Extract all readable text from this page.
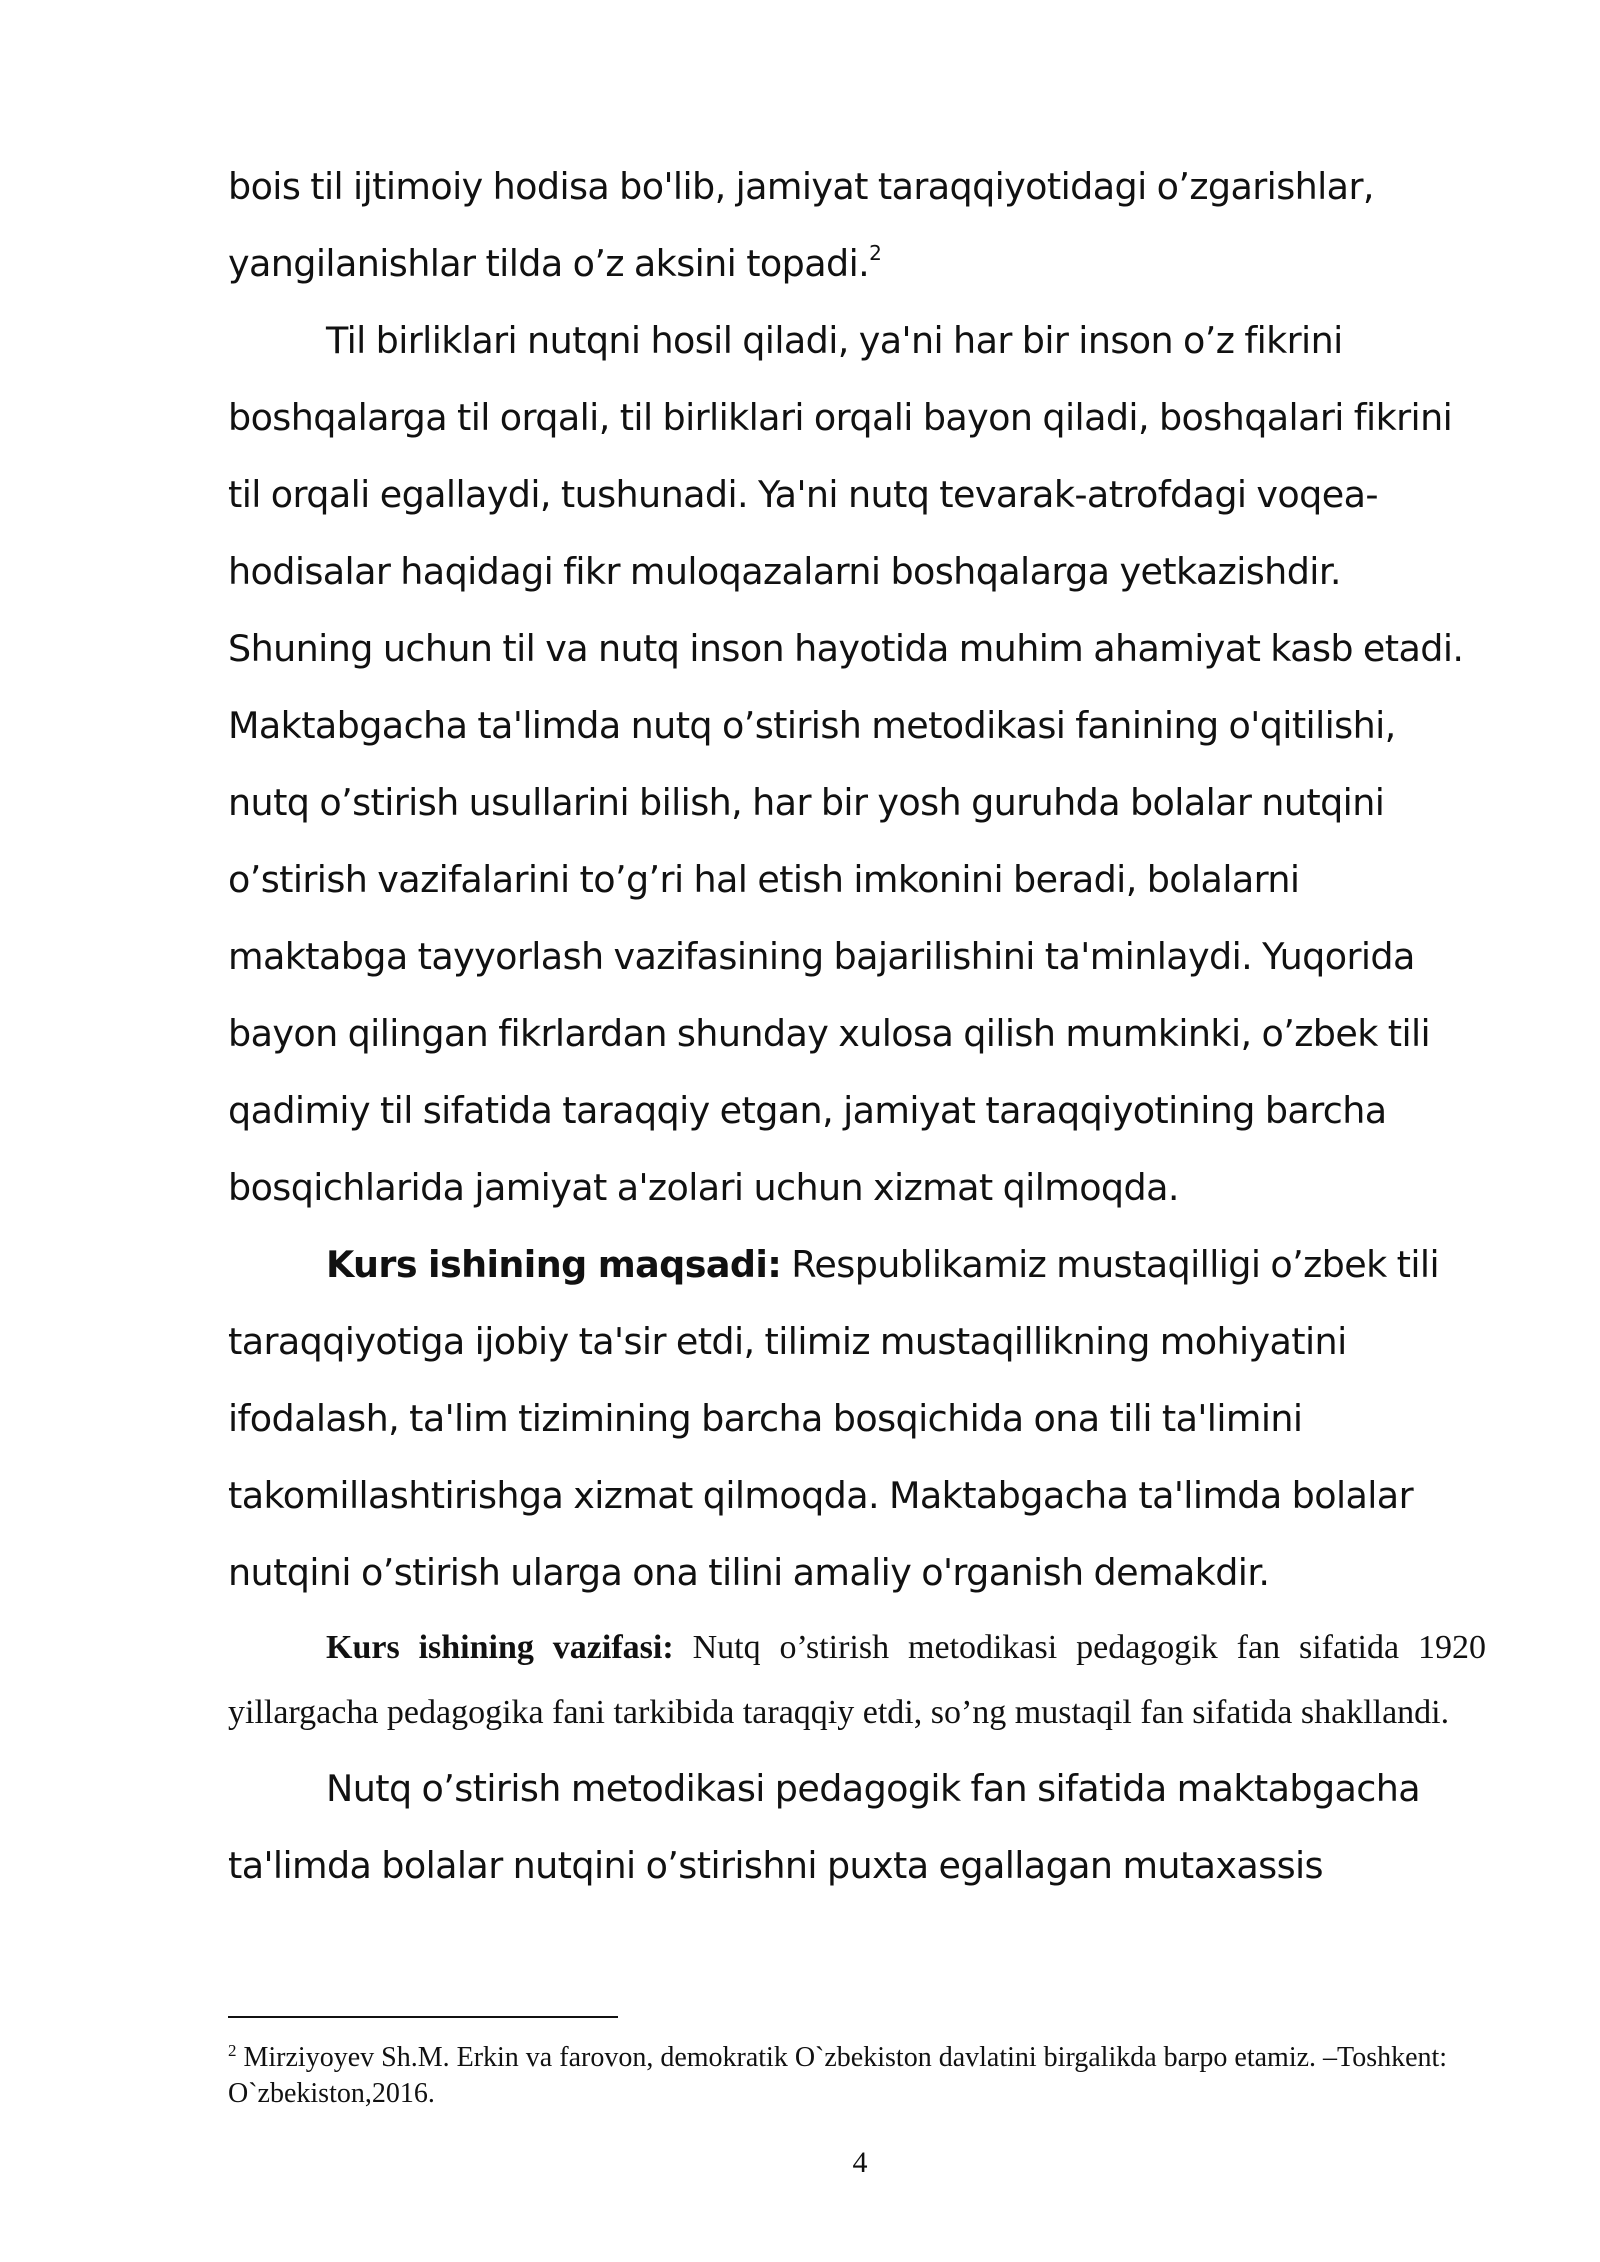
bois til ijtimoiy hodisa bo'lib, jamiyat taraqqiyotidagi o’zgarishlar, yangilanishlar tilda o’z aksini topadi.$^2$

Til birliklari nutqni hosil qiladi, ya'ni har bir inson o’z fikrini boshqalarga til orqali, til birliklari orqali bayon qiladi, boshqalari fikrini til orqali egallaydi, tushunadi. Ya'ni nutq tevarak-atrofdagi voqea-hodisalar haqidagi fikr muloqazalarni boshqalarga yetkazishdir. Shuning uchun til va nutq inson hayotida muhim ahamiyat kasb etadi. Maktabgacha ta'limda nutq o’stirish metodikasi fanining o'qitilishi, nutq o’stirish usullarini bilish, har bir yosh guruhda bolalar nutqini o’stirish vazifalarini to’g’ri hal etish imkonini beradi, bolalarni maktabga tayyorlash vazifasining bajarilishini ta'minlaydi. Yuqorida bayon qilingan fikrlardan shunday xulosa qilish mumkinki, o’zbek tili qadimiy til sifatida taraqqiy etgan, jamiyat taraqqiyotining barcha bosqichlarida jamiyat a'zolari uchun xizmat qilmoqda.

Kurs ishining maqsadi: Respublikamiz mustaqilligi o’zbek tili taraqqiyotiga ijobiy ta'sir etdi, tilimiz mustaqillikning mohiyatini ifodalash, ta'lim tizimining barcha bosqichida ona tili ta'limini takomillashtirishga xizmat qilmoqda. Maktabgacha ta'limda bolalar nutqini o’stirish ularga ona tilini amaliy o'rganish demakdir.

Kurs ishining vazifasi: Nutq o’stirish metodikasi pedagogik fan sifatida 1920 yillargacha pedagogika fani tarkibida taraqqiy etdi, so’ng mustaqil fan sifatida shakllandi.

Nutq o’stirish metodikasi pedagogik fan sifatida maktabgacha ta'limda bolalar nutqini o’stirishni puxta egallagan mutaxassis

$^2$ Mirziyoyev Sh.M. Erkin va farovon, demokratik O`zbekiston davlatini birgalikda barpo etamiz. –Toshkent: O`zbekiston,2016.

4
